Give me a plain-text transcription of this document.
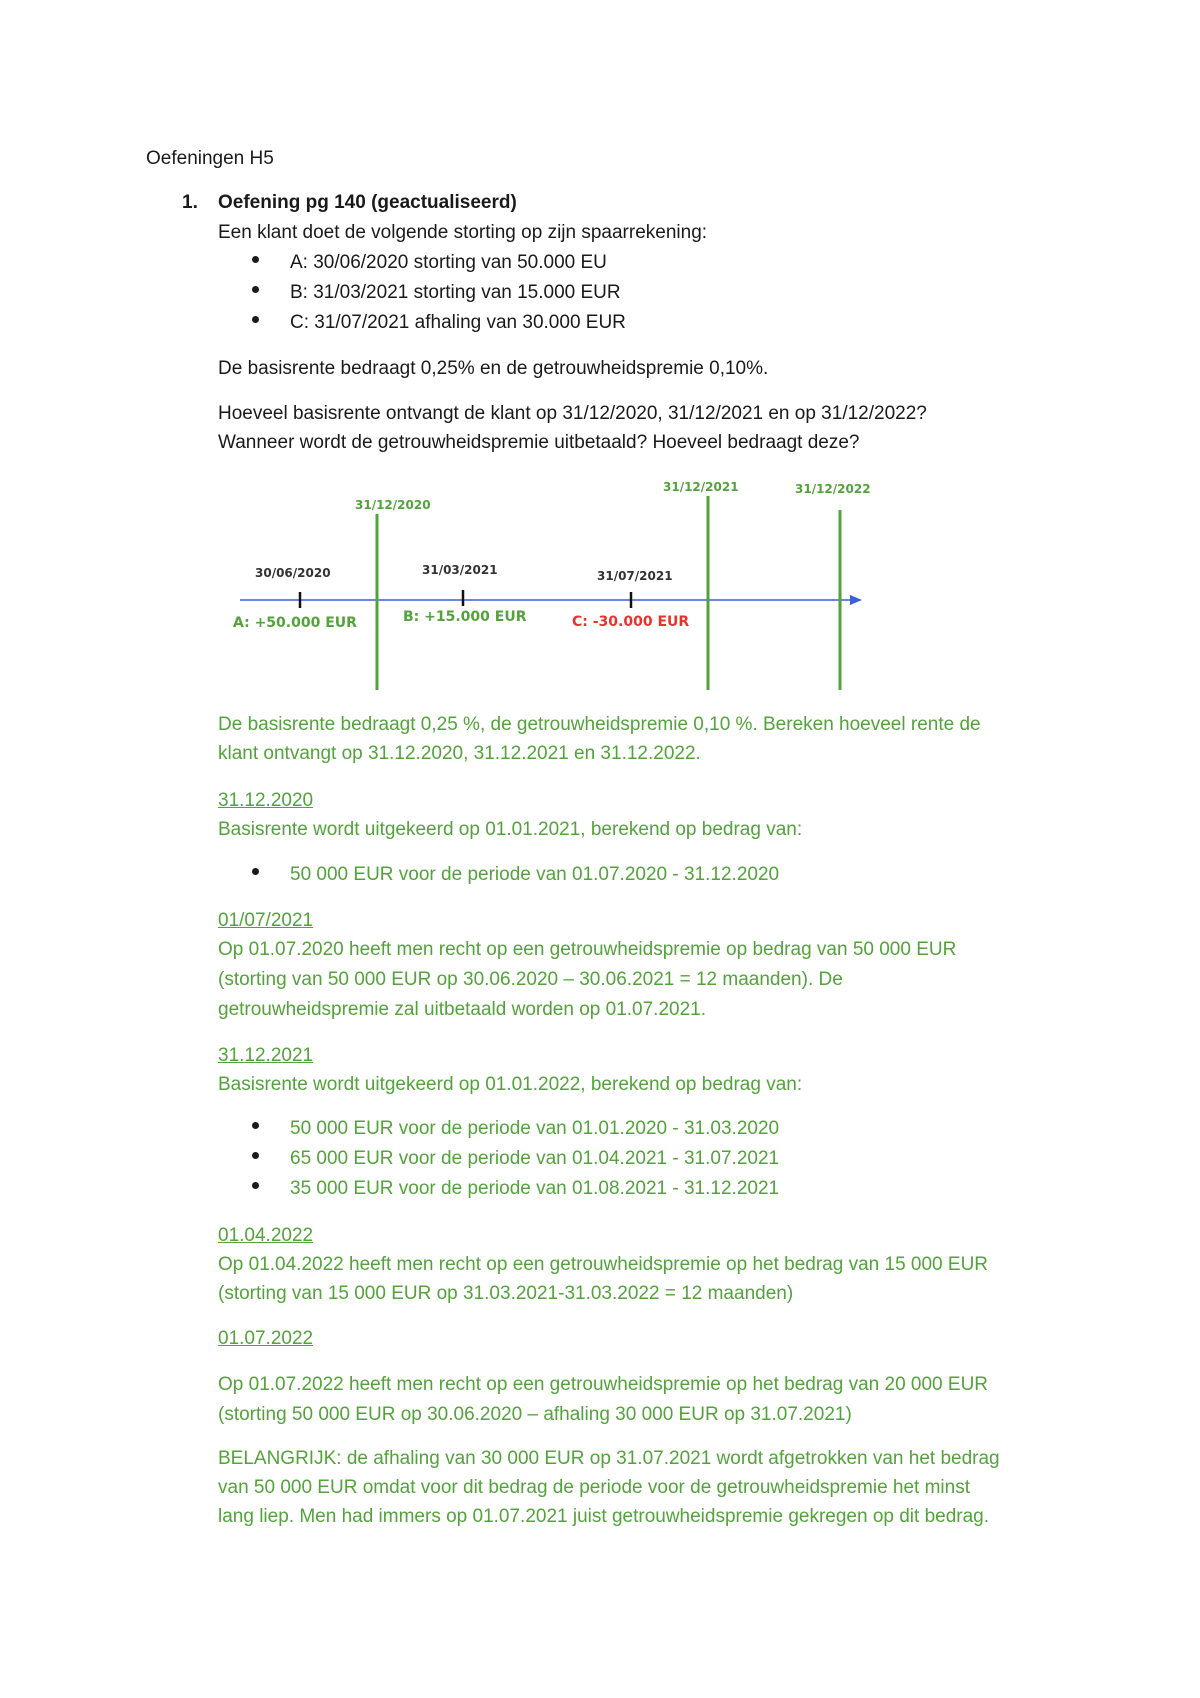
Oefeningen H5
1. Oefening pg 140 (geactualiseerd)
Een klant doet de volgende storting op zijn spaarrekening:
A: 30/06/2020 storting van 50.000 EU
B: 31/03/2021 storting van 15.000 EUR
C: 31/07/2021 afhaling van 30.000 EUR
De basisrente bedraagt 0,25% en de getrouwheidspremie 0,10%.
Hoeveel basisrente ontvangt de klant op 31/12/2020, 31/12/2021 en op 31/12/2022?
Wanneer wordt de getrouwheidspremie uitbetaald? Hoeveel bedraagt deze?
31/12/2020
31/12/2021	31/12/2022
30/06/2020
A: +50.000 EUR
31/03/2021
B: +15.000 EUR
31/07/2021
C: -30.000 EUR
De basisrente bedraagt 0,25 %, de getrouwheidspremie 0,10 %. Bereken hoeveel rente de
klant ontvangt op 31.12.2020, 31.12.2021 en 31.12.2022.
31.12.2020
Basisrente wordt uitgekeerd op 01.01.2021, berekend op bedrag van:
50 000 EUR voor de periode van 01.07.2020 - 31.12.2020
01/07/2021
Op 01.07.2020 heeft men recht op een getrouwheidspremie op bedrag van 50 000 EUR
(storting van 50 000 EUR op 30.06.2020 – 30.06.2021 = 12 maanden). De
getrouwheidspremie zal uitbetaald worden op 01.07.2021.
31.12.2021
Basisrente wordt uitgekeerd op 01.01.2022, berekend op bedrag van:
50 000 EUR voor de periode van 01.01.2020 - 31.03.2020
65 000 EUR voor de periode van 01.04.2021 - 31.07.2021
35 000 EUR voor de periode van 01.08.2021 - 31.12.2021
01.04.2022
Op 01.04.2022 heeft men recht op een getrouwheidspremie op het bedrag van 15 000 EUR
(storting van 15 000 EUR op 31.03.2021-31.03.2022 = 12 maanden)
01.07.2022
Op 01.07.2022 heeft men recht op een getrouwheidspremie op het bedrag van 20 000 EUR
(storting 50 000 EUR op 30.06.2020 – afhaling 30 000 EUR op 31.07.2021)
BELANGRIJK: de afhaling van 30 000 EUR op 31.07.2021 wordt afgetrokken van het bedrag
van 50 000 EUR omdat voor dit bedrag de periode voor de getrouwheidspremie het minst
lang liep. Men had immers op 01.07.2021 juist getrouwheidspremie gekregen op dit bedrag.
